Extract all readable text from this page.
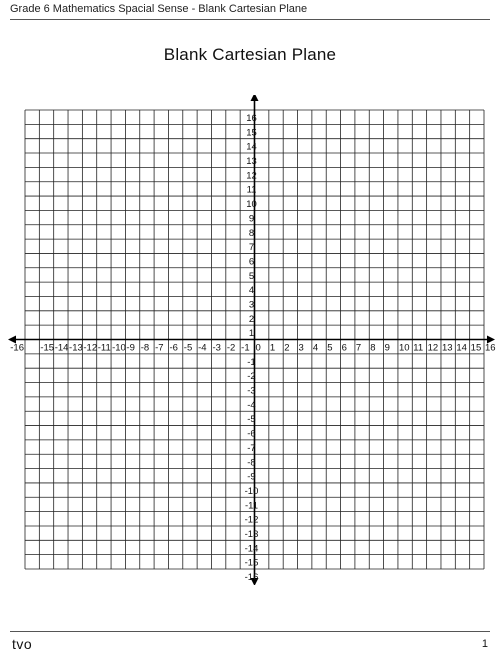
Grade 6 Mathematics Spacial Sense - Blank Cartesian Plane
Blank Cartesian Plane
-16 -15 -14 -13 -12 -11 -10 -9 -8 -7 -6 -5 -4 -3 -2 -1 0 1 2 3 4 5 6 7 8 9 10 11 12 13 14 15 16
16
15
14
13
12
11
10
9
8
7
6
5
4
3
2
1
-1
-2
-3
-4
-5
-6
-7
-8
-9
-10
-11
-12
-13
-14
-15
-16
tvo	1
